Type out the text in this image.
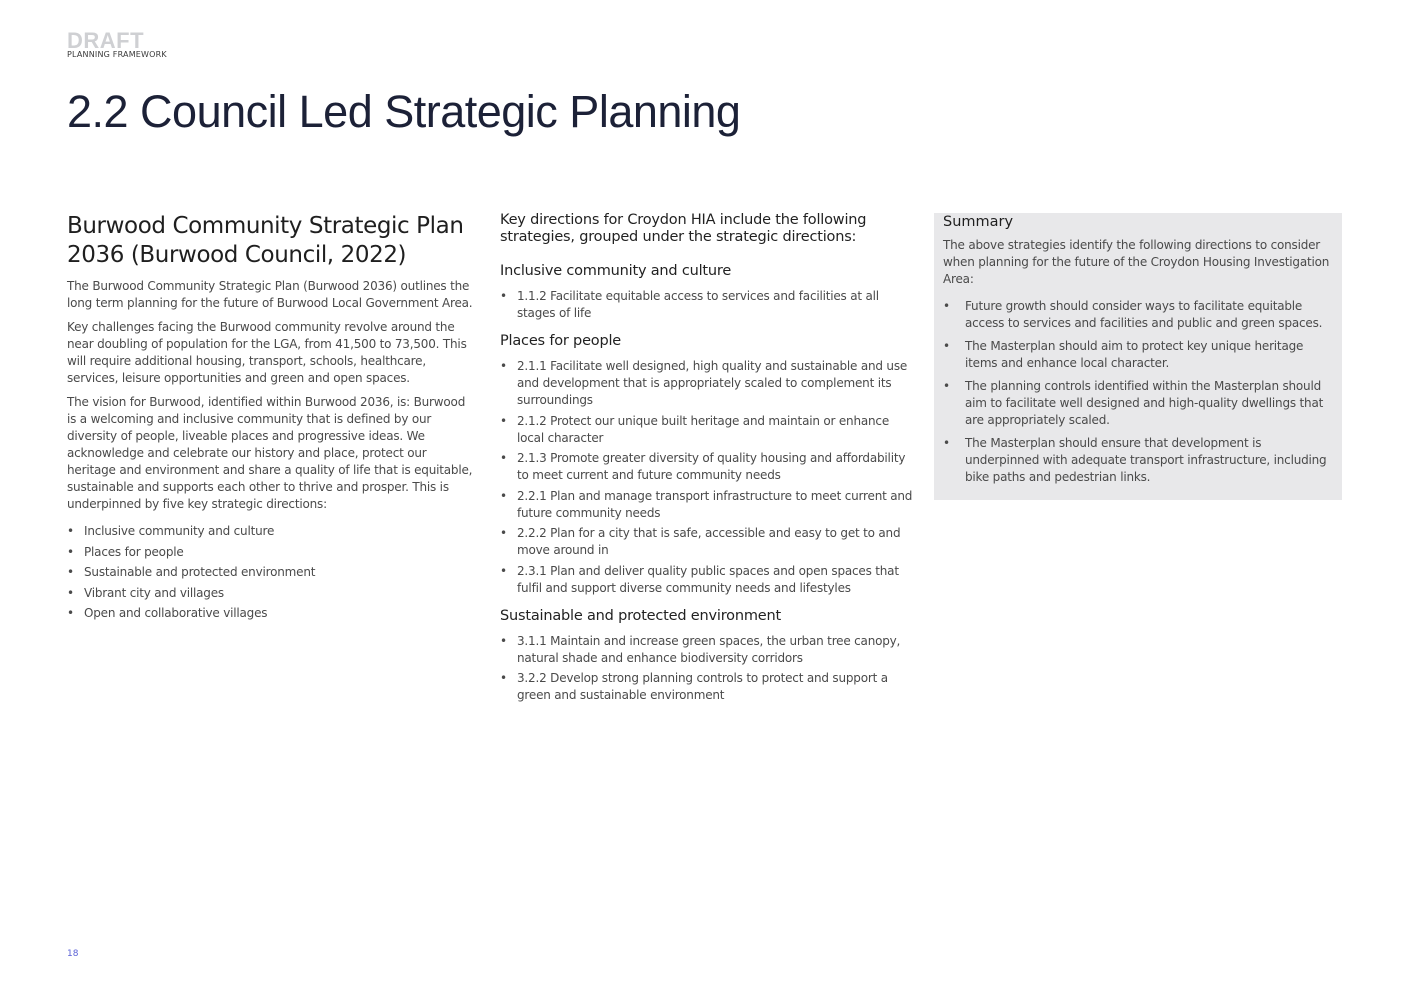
DRAFT
PLANNING FRAMEWORK
2.2 Council Led Strategic Planning
Burwood Community Strategic Plan 2036 (Burwood Council, 2022)

The Burwood Community Strategic Plan (Burwood 2036) outlines the long term planning for the future of Burwood Local Government Area.

Key challenges facing the Burwood community revolve around the near doubling of population for the LGA, from 41,500 to 73,500. This will require additional housing, transport, schools, healthcare, services, leisure opportunities and green and open spaces.

The vision for Burwood, identified within Burwood 2036, is: Burwood is a welcoming and inclusive community that is defined by our diversity of people, liveable places and progressive ideas. We acknowledge and celebrate our history and place, protect our heritage and environment and share a quality of life that is equitable, sustainable and supports each other to thrive and prosper. This is underpinned by five key strategic directions:

• Inclusive community and culture
• Places for people
• Sustainable and protected environment
• Vibrant city and villages
• Open and collaborative villages
Key directions for Croydon HIA include the following strategies, grouped under the strategic directions:
Inclusive community and culture
• 1.1.2 Facilitate equitable access to services and facilities at all stages of life
Places for people
• 2.1.1 Facilitate well designed, high quality and sustainable and use and development that is appropriately scaled to complement its surroundings
• 2.1.2 Protect our unique built heritage and maintain or enhance local character
• 2.1.3 Promote greater diversity of quality housing and affordability to meet current and future community needs
• 2.2.1 Plan and manage transport infrastructure to meet current and future community needs
• 2.2.2 Plan for a city that is safe, accessible and easy to get to and move around in
• 2.3.1 Plan and deliver quality public spaces and open spaces that fulfil and support diverse community needs and lifestyles
Sustainable and protected environment
• 3.1.1 Maintain and increase green spaces, the urban tree canopy, natural shade and enhance biodiversity corridors
• 3.2.2 Develop strong planning controls to protect and support a green and sustainable environment
Summary

The above strategies identify the following directions to consider when planning for the future of the Croydon Housing Investigation Area:

• Future growth should consider ways to facilitate equitable access to services and facilities and public and green spaces.
• The Masterplan should aim to protect key unique heritage items and enhance local character.
• The planning controls identified within the Masterplan should aim to facilitate well designed and high-quality dwellings that are appropriately scaled.
• The Masterplan should ensure that development is underpinned with adequate transport infrastructure, including bike paths and pedestrian links.
18
